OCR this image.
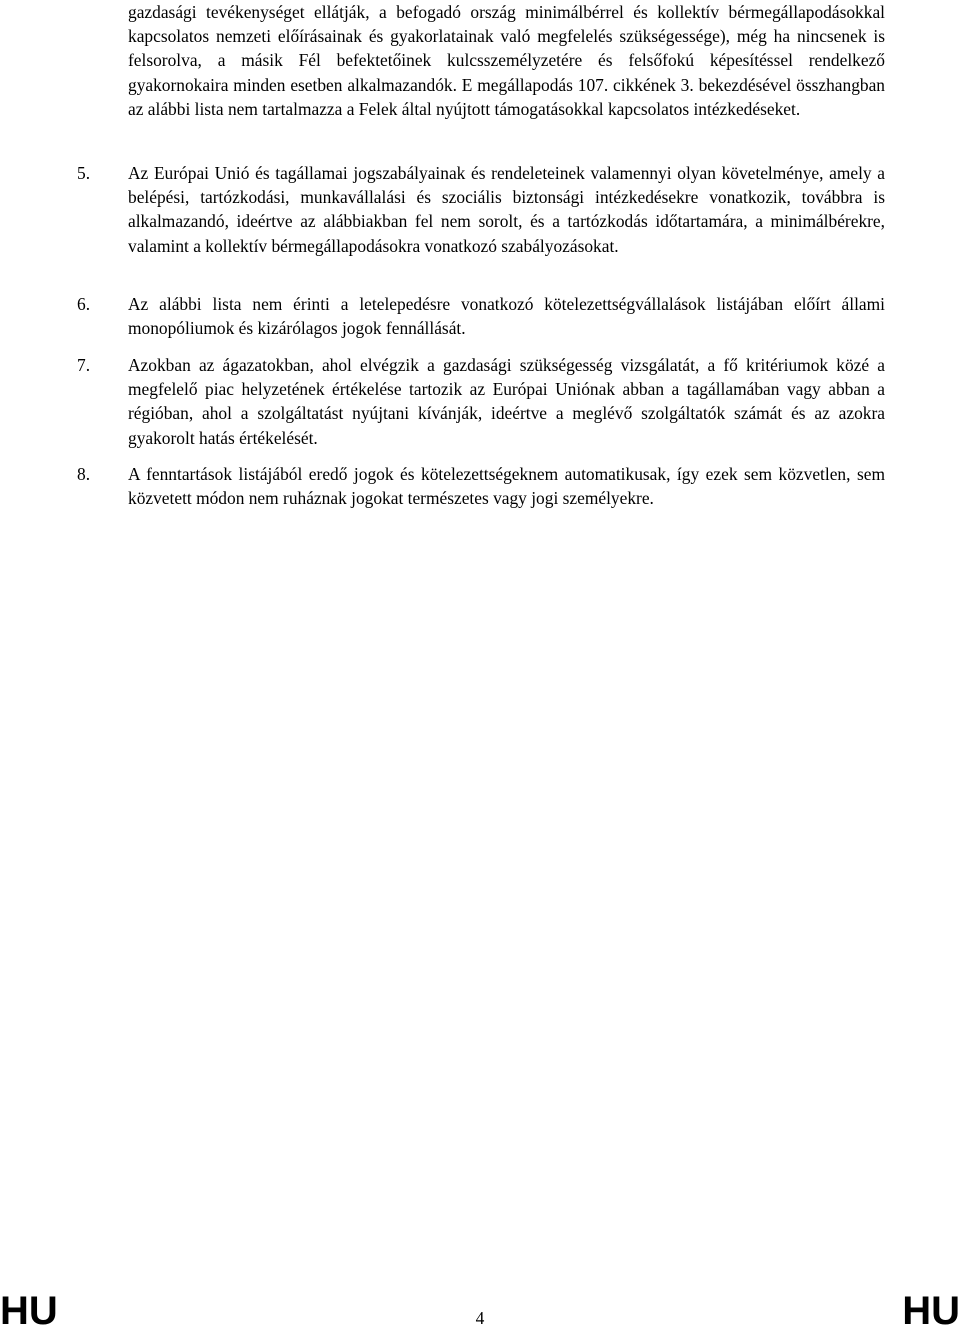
gazdasági tevékenységet ellátják, a befogadó ország minimálbérrel és kollektív bérmegállapodásokkal kapcsolatos nemzeti előírásainak és gyakorlatainak való megfelelés szükségessége), még ha nincsenek is felsorolva, a másik Fél befektetőinek kulcsszemélyzetére és felsőfokú képesítéssel rendelkező gyakornokaira minden esetben alkalmazandók. E megállapodás 107. cikkének 3. bekezdésével összhangban az alábbi lista nem tartalmazza a Felek által nyújtott támogatásokkal kapcsolatos intézkedéseket.

5. Az Európai Unió és tagállamai jogszabályainak és rendeleteinek valamennyi olyan követelménye, amely a belépési, tartózkodási, munkavállalási és szociális biztonsági intézkedésekre vonatkozik, továbbra is alkalmazandó, ideértve az alábbiakban fel nem sorolt, és a tartózkodás időtartamára, a minimálbérekre, valamint a kollektív bérmegállapodásokra vonatkozó szabályozásokat.

6. Az alábbi lista nem érinti a letelepedésre vonatkozó kötelezettségvállalások listájában előírt állami monopóliumok és kizárólagos jogok fennállását.

7. Azokban az ágazatokban, ahol elvégzik a gazdasági szükségesség vizsgálatát, a fő kritériumok közé a megfelelő piac helyzetének értékelése tartozik az Európai Uniónak abban a tagállamában vagy abban a régióban, ahol a szolgáltatást nyújtani kívánják, ideértve a meglévő szolgáltatók számát és az azokra gyakorolt hatás értékelését.

8. A fenntartások listájából eredő jogok és kötelezettségeknem automatikusak, így ezek sem közvetlen, sem közvetett módon nem ruháznak jogokat természetes vagy jogi személyekre.

HU	4	HU
